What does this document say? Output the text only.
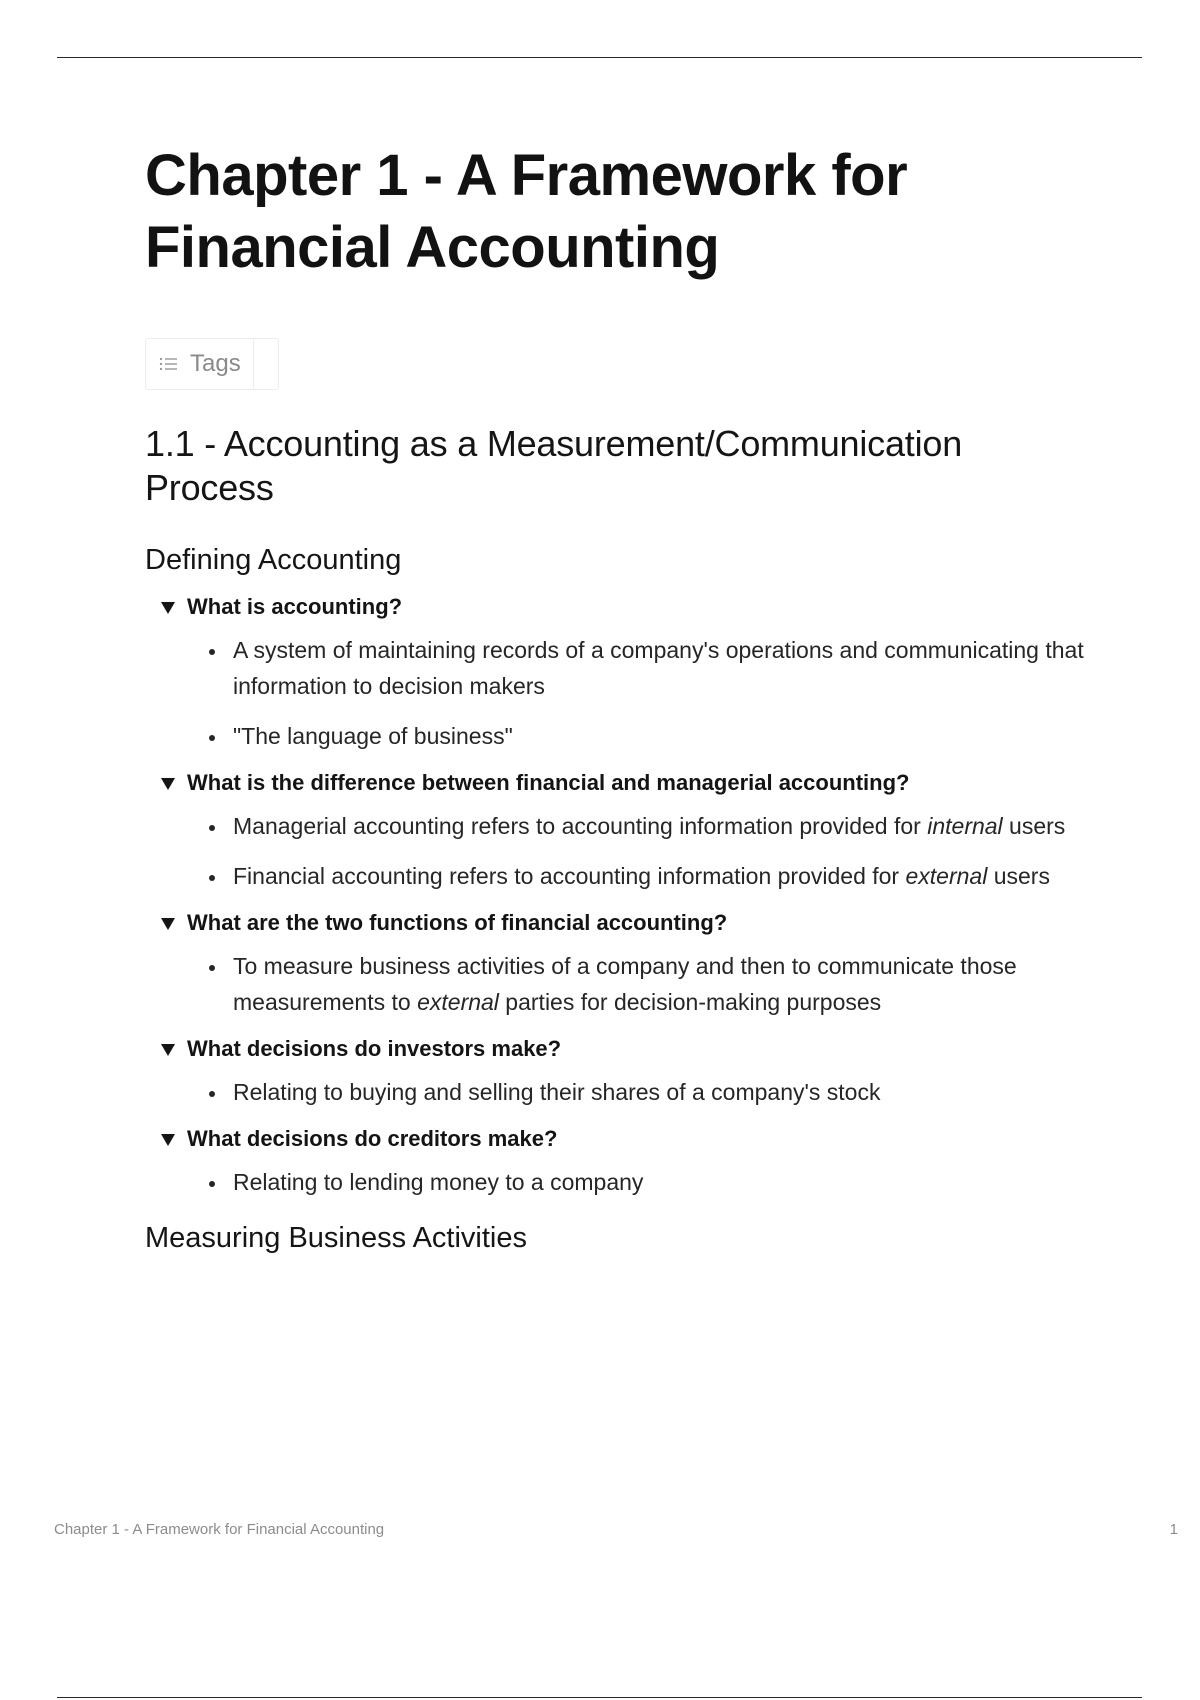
Chapter 1 - A Framework for
Financial Accounting
Tags
1.1 - Accounting as a Measurement/Communication
Process
Defining Accounting
What is accounting?
A system of maintaining records of a company's operations and communicating that information to decision makers
"The language of business"
What is the difference between financial and managerial accounting?
Managerial accounting refers to accounting information provided for internal users
Financial accounting refers to accounting information provided for external users
What are the two functions of financial accounting?
To measure business activities of a company and then to communicate those measurements to external parties for decision-making purposes
What decisions do investors make?
Relating to buying and selling their shares of a company's stock
What decisions do creditors make?
Relating to lending money to a company
Measuring Business Activities
Chapter 1 - A Framework for Financial Accounting	1
